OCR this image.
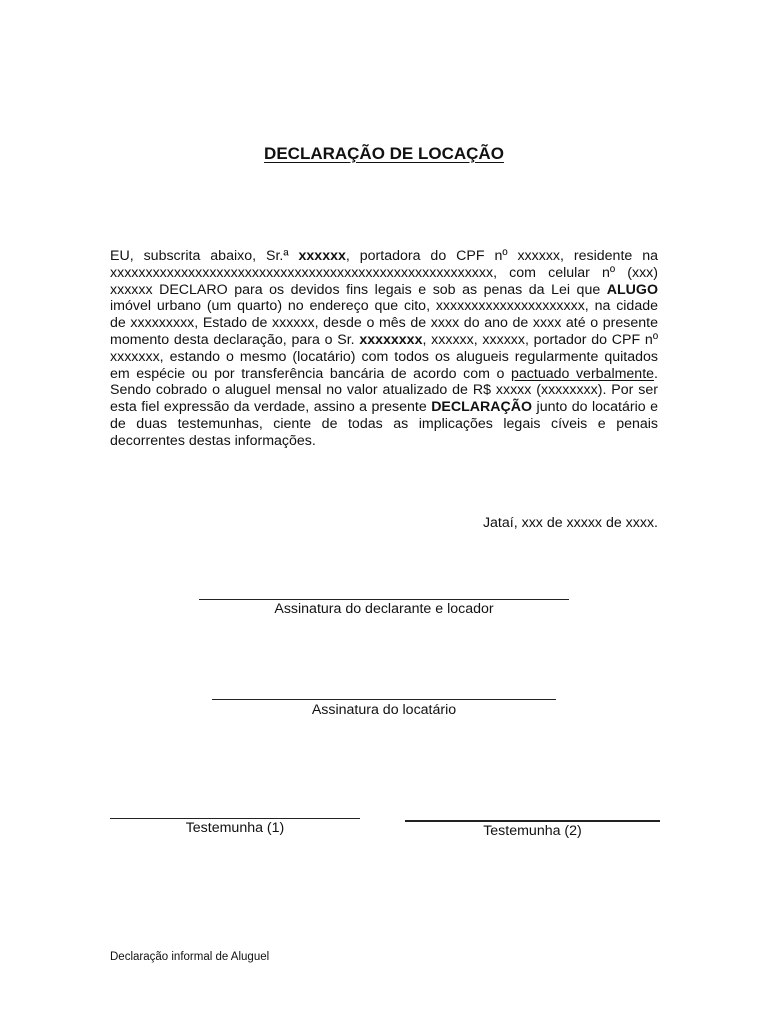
DECLARAÇÃO DE LOCAÇÃO
EU, subscrita abaixo, Sr.ª xxxxxx, portadora do CPF nº xxxxxx, residente na xxxxxxxxxxxxxxxxxxxxxxxxxxxxxxxxxxxxxxxxxxxxxxxxxxxxxx, com celular nº (xxx) xxxxxx DECLARO para os devidos fins legais e sob as penas da Lei que ALUGO imóvel urbano (um quarto) no endereço que cito, xxxxxxxxxxxxxxxxxxxxx, na cidade de xxxxxxxxx, Estado de xxxxxx, desde o mês de xxxx do ano de xxxx até o presente momento desta declaração, para o Sr. xxxxxxxx, xxxxxx, xxxxxx, portador do CPF nº xxxxxxx, estando o mesmo (locatário) com todos os alugueis regularmente quitados em espécie ou por transferência bancária de acordo com o pactuado verbalmente. Sendo cobrado o aluguel mensal no valor atualizado de R$ xxxxx (xxxxxxxx). Por ser esta fiel expressão da verdade, assino a presente DECLARAÇÃO junto do locatário e de duas testemunhas, ciente de todas as implicações legais cíveis e penais decorrentes destas informações.
Jataí, xxx de xxxxx de xxxx.
Assinatura do declarante e locador
Assinatura do locatário
Testemunha (1)	Testemunha (2)
Declaração informal de Aluguel
